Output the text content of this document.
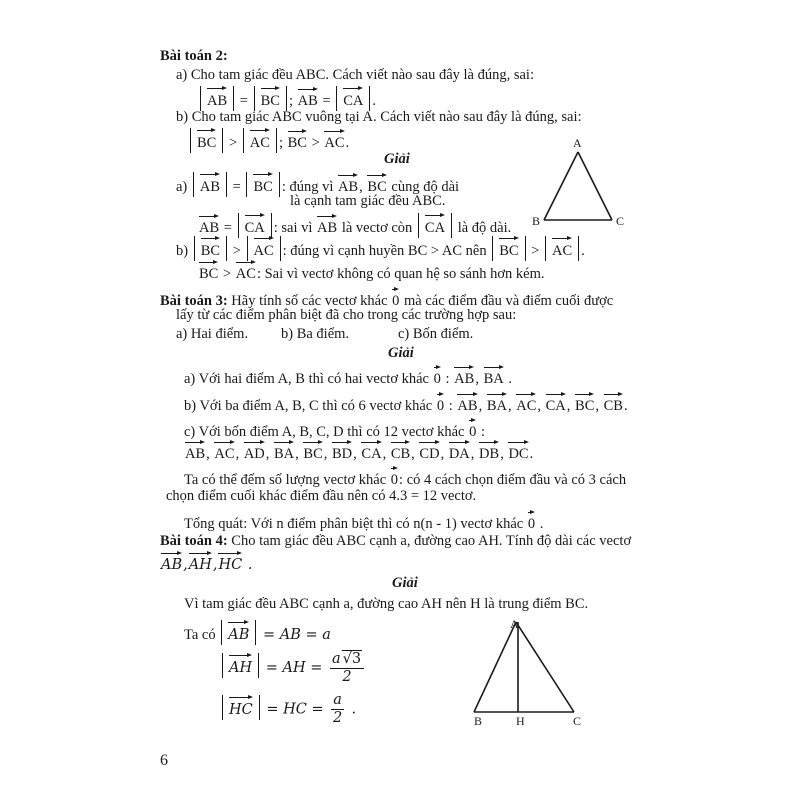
Bài toán 2:
a) Cho tam giác đều ABC. Cách viết nào sau đây là đúng, sai:
AB = BC ; AB = CA .
b) Cho tam giác ABC vuông tại A. Cách viết nào sau đây là đúng, sai:
BC > AC ; BC > AC.
Giải
a) AB = BC : đúng vì AB, BC cùng độ dài
là cạnh tam giác đều ABC.
AB = CA : sai vì AB là vectơ còn CA là độ dài.
b) BC > AC : đúng vì cạnh huyền BC > AC nên BC > AC .
BC > AC: Sai vì vectơ không có quan hệ so sánh hơn kém.
A
B	C
Bài toán 3: Hãy tính số các vectơ khác 0 mà các điểm đầu và điểm cuối được
lấy từ các điểm phân biệt đã cho trong các trường hợp sau:
a) Hai điểm. b) Ba điểm.	c) Bốn điểm.
Giải
a) Với hai điểm A, B thì có hai vectơ khác 0 : AB, BA .
b) Với ba điểm A, B, C thì có 6 vectơ khác 0 : AB, BA, AC, CA, BC, CB.
c) Với bốn điểm A, B, C, D thì có 12 vectơ khác 0 :
AB, AC, AD, BA, BC, BD, CA, CB, CD, DA, DB, DC.
Ta có thể đếm số lượng vectơ khác 0: có 4 cách chọn điểm đầu và có 3 cách
chọn điểm cuối khác điểm đầu nên có 4.3 = 12 vectơ.
Tổng quát: Với n điểm phân biệt thì có n(n - 1) vectơ khác 0 .
Bài toán 4: Cho tam giác đều ABC cạnh a, đường cao AH. Tính độ dài các vectơ
AB,AH,HC .
Giải
Vì tam giác đều ABC cạnh a, đường cao AH nên H là trung điểm BC.
Ta có AB = AB = a
AH = AH = $\frac{a √3}{2}$
HC = HC = $\frac{a}{2}$ .
A
B	H	C
6
